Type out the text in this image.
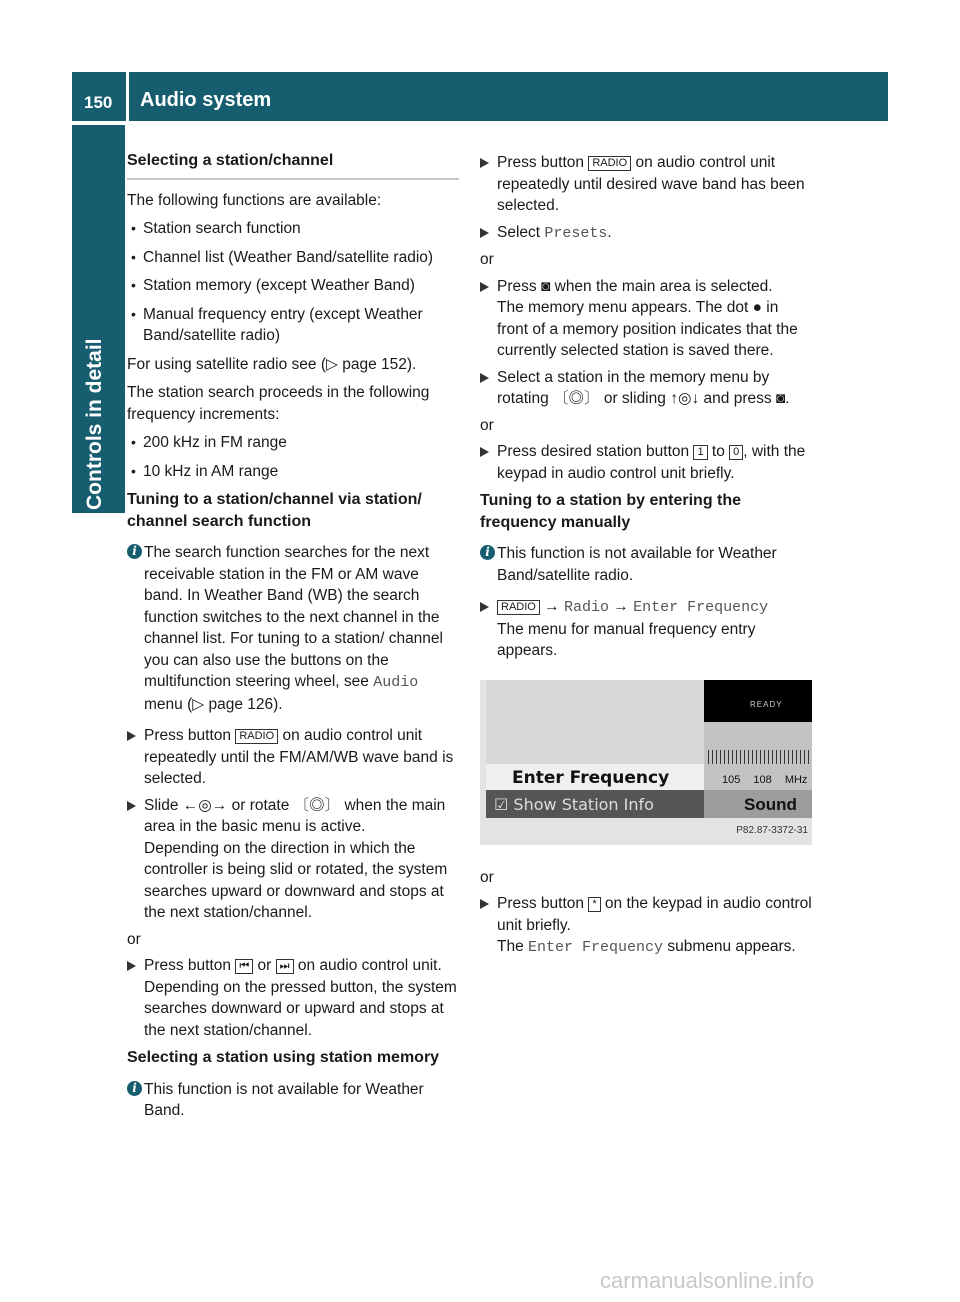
150 Audio system
Controls in detail
Selecting a station/channel

The following functions are available:

• Station search function
• Channel list (Weather Band/satellite radio)
• Station memory (except Weather Band)
• Manual frequency entry (except Weather Band/satellite radio)

For using satellite radio see (▷ page 152).

The station search proceeds in the following frequency increments:

• 200 kHz in FM range
• 10 kHz in AM range
Tuning to a station/channel via station/ channel search function
i The search function searches for the next receivable station in the FM or AM wave band. In Weather Band (WB) the search function switches to the next channel in the channel list. For tuning to a station/ channel you can also use the buttons on the multifunction steering wheel, see Audio menu (▷ page 126).
Press button RADIO on audio control unit repeatedly until the FM/AM/WB wave band is selected.
Slide ←◎→ or rotate 〔◎〕 when the main area in the basic menu is active.
Depending on the direction in which the controller is being slid or rotated, the system searches upward or downward and stops at the next station/channel.

or

Press button ⏮ or ⏭ on audio control unit.
Depending on the pressed button, the system searches downward or upward and stops at the next station/channel.
Selecting a station using station memory
i This function is not available for Weather Band.
Press button RADIO on audio control unit repeatedly until desired wave band has been selected.
Select Presets.

or

Press ◙ when the main area is selected.
The memory menu appears. The dot ● in front of a memory position indicates that the currently selected station is saved there.
Select a station in the memory menu by rotating 〔◎〕 or sliding ↑◎↓ and press ◙.

or

Press desired station button 1 to 0 , with the keypad in audio control unit briefly.
Tuning to a station by entering the frequency manually
i This function is not available for Weather Band/satellite radio.
RADIO → Radio → Enter Frequency
The menu for manual frequency entry appears.
READY
105 108 MHz
Enter Frequency
☑ Show Station Info	Sound
P82.87-3372-31

or

Press button * on the keypad in audio control unit briefly.
The Enter Frequency submenu appears.
carmanualsonline.info
